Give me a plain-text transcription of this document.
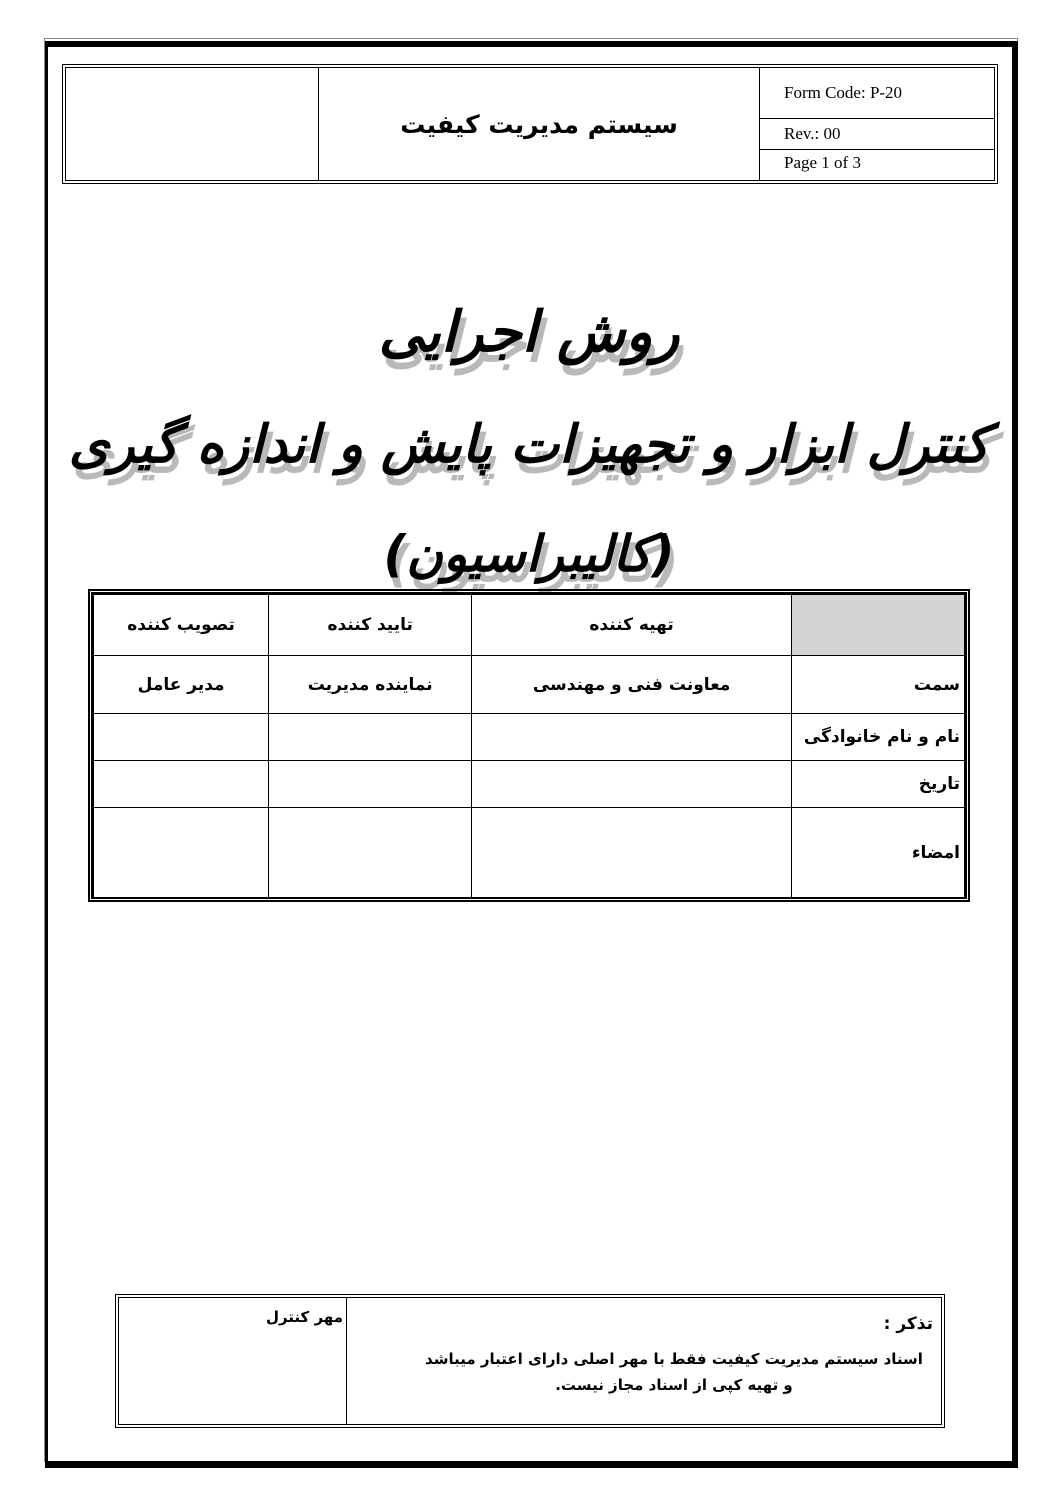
سیستم مدیریت کیفیت
Form Code: P-20
Rev.: 00
Page 1 of 3
روش اجرایی
کنترل ابزار و تجهیزات پایش و اندازه گیری
(کالیبراسیون)
	تهیه کننده	تایید کننده	تصویب کننده
سمت	معاونت فنی و مهندسی	نماینده مدیریت	مدیر عامل
نام و نام خانوادگی			
تاریخ			
امضاء			
تذکر :
اسناد سیستم مدیریت کیفیت فقط با مهر اصلی دارای اعتبار میباشد
و تهیه کپی از اسناد مجاز نیست.
مهر کنترل
